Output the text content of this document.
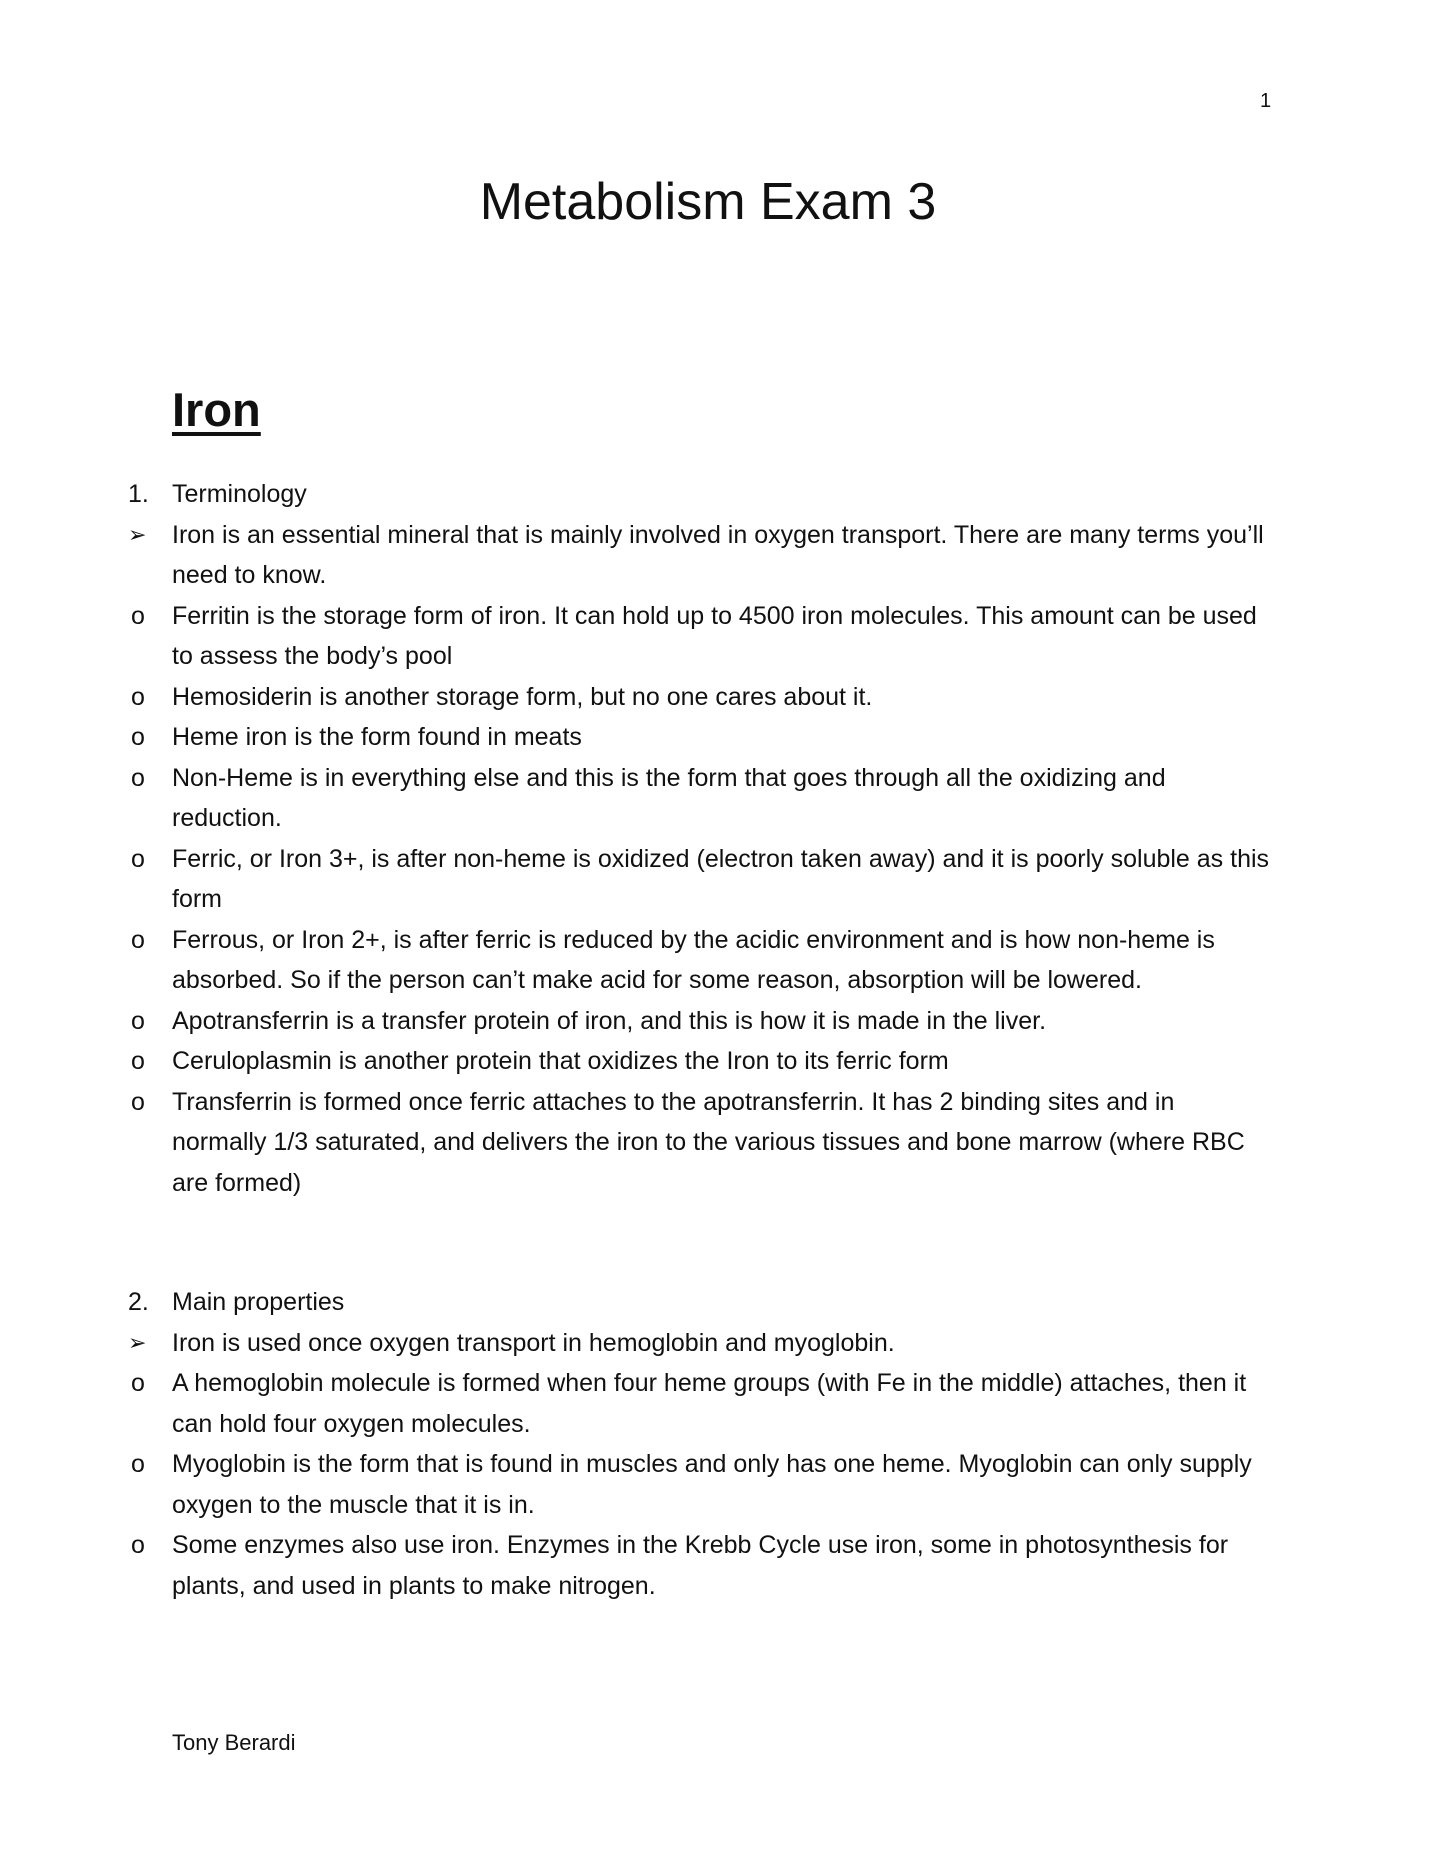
1
Metabolism Exam 3
Iron
1. Terminology
➢	Iron is an essential mineral that is mainly involved in oxygen transport. There are many terms you’ll need to know.
o	Ferritin is the storage form of iron. It can hold up to 4500 iron molecules. This amount can be used to assess the body’s pool
o	Hemosiderin is another storage form, but no one cares about it.
o	Heme iron is the form found in meats
o	Non-Heme is in everything else and this is the form that goes through all the oxidizing and reduction.
o	Ferric, or Iron 3+, is after non-heme is oxidized (electron taken away) and it is poorly soluble as this form
o	Ferrous, or Iron 2+, is after ferric is reduced by the acidic environment and is how non-heme is absorbed. So if the person can’t make acid for some reason, absorption will be lowered.
o	Apotransferrin is a transfer protein of iron, and this is how it is made in the liver.
o	Ceruloplasmin is another protein that oxidizes the Iron to its ferric form
o	Transferrin is formed once ferric attaches to the apotransferrin. It has 2 binding sites and in normally 1/3 saturated, and delivers the iron to the various tissues and bone marrow (where RBC are formed)
2. Main properties
➢	Iron is used once oxygen transport in hemoglobin and myoglobin.
o	A hemoglobin molecule is formed when four heme groups (with Fe in the middle) attaches, then it can hold four oxygen molecules.
o	Myoglobin is the form that is found in muscles and only has one heme. Myoglobin can only supply oxygen to the muscle that it is in.
o	Some enzymes also use iron. Enzymes in the Krebb Cycle use iron, some in photosynthesis for plants, and used in plants to make nitrogen.
Tony Berardi
